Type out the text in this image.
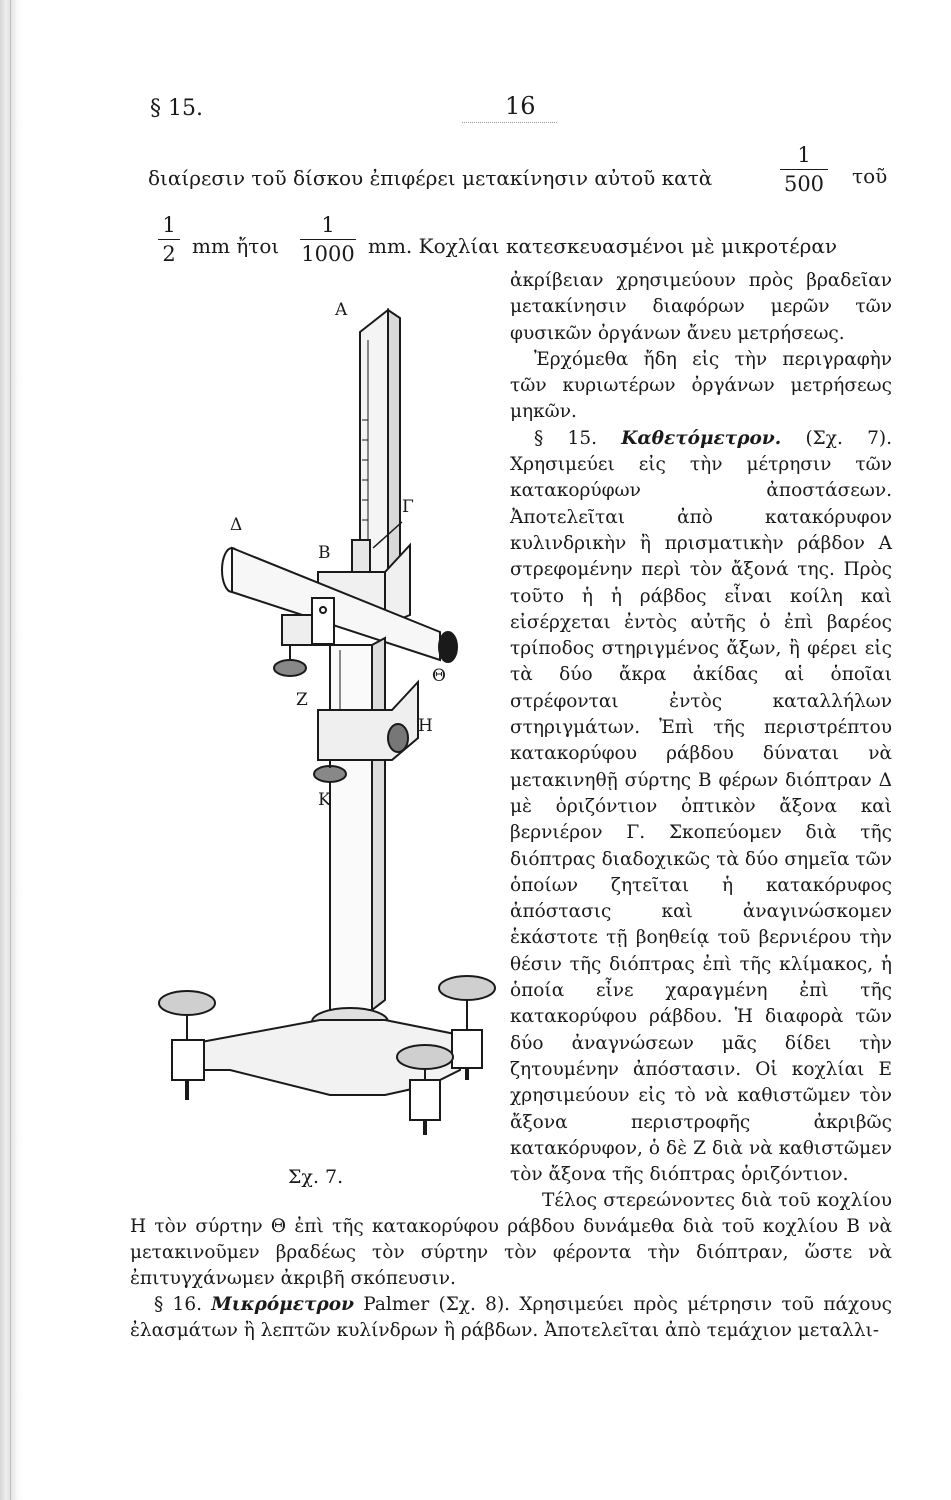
§ 15.	16
διαίρεσιν τοῦ δίσκου ἐπιφέρει μετακίνησιν αὐτοῦ κατὰ
1
500 τοῦ
1
2 mm ἤτοι
1
1000 mm. Κοχλίαι κατεσκευασμένοι μὲ μικροτέραν

ἀκρίβειαν χρησιμεύουν πρὸς βραδεῖαν μετακίνησιν διαφόρων μερῶν τῶν φυσικῶν ὀργάνων ἄνευ μετρήσεως.

Ἐρχόμεθα ἤδη εἰς τὴν περιγραφὴν τῶν κυριωτέρων ὀργάνων μετρήσεως μηκῶν.

§ 15. Καθετόμετρον. (Σχ. 7). Χρησιμεύει εἰς τὴν μέτρησιν τῶν κατακορύφων ἀποστάσεων. Ἀποτελεῖται ἀπὸ κατακόρυφον κυλινδρικὴν ἢ πρισματικὴν ράβδον Α στρεφομένην περὶ τὸν ἄξονά της. Πρὸς τοῦτο ἡ ἡ ράβδος εἶναι κοίλη καὶ εἰσέρχεται ἐντὸς αὐτῆς ὁ ἐπὶ βαρέος τρίποδος στηριγμένος ἄξων, ἢ φέρει εἰς τὰ δύο ἄκρα ἀκίδας αἱ ὁποῖαι στρέφονται ἐντὸς καταλλήλων στηριγμάτων. Ἐπὶ τῆς περιστρέπτου κατακορύφου ράβδου δύναται νὰ μετακινηθῇ σύρτης Β φέρων διόπτραν Δ μὲ ὁριζόντιον ὀπτικὸν ἄξονα καὶ βερνιέρον Γ. Σκοπεύομεν διὰ τῆς διόπτρας διαδοχικῶς τὰ δύο σημεῖα τῶν ὁποίων ζητεῖται ἡ κατακόρυφος ἀπόστασις καὶ ἀναγινώσκομεν ἑκάστοτε τῇ βοηθείᾳ τοῦ βερνιέρου τὴν θέσιν τῆς διόπτρας ἐπὶ τῆς κλίμακος, ἡ ὁποία εἶνε χαραγμένη ἐπὶ τῆς κατακορύφου ράβδου. Ἡ διαφορὰ τῶν δύο ἀναγνώσεων μᾶς δίδει τὴν ζητουμένην ἀπόστασιν. Οἱ κοχλίαι Ε χρησιμεύουν εἰς τὸ νὰ καθιστῶμεν τὸν ἄξονα περιστροφῆς ἀκριβῶς κατακόρυφον, ὁ δὲ Ζ διὰ νὰ καθιστῶμεν τὸν ἄξονα τῆς διόπτρας ὁριζόντιον.

Α
Δ
Β
Γ
Ζ
Θ
Η
Κ
Σχ. 7.

Τέλος στερεώνοντες διὰ τοῦ κοχλίου Η τὸν σύρτην Θ ἐπὶ τῆς κατακορύφου ράβδου δυνάμεθα διὰ τοῦ κοχλίου Β νὰ μετακινοῦμεν βραδέως τὸν σύρτην τὸν φέροντα τὴν διόπτραν, ὥστε νὰ ἐπιτυγχάνωμεν ἀκριβῆ σκόπευσιν.

§ 16. Μικρόμετρον Palmer (Σχ. 8). Χρησιμεύει πρὸς μέτρησιν τοῦ πάχους ἐλασμάτων ἢ λεπτῶν κυλίνδρων ἢ ράβδων. Ἀποτελεῖται ἀπὸ τεμάχιον μεταλλι-
